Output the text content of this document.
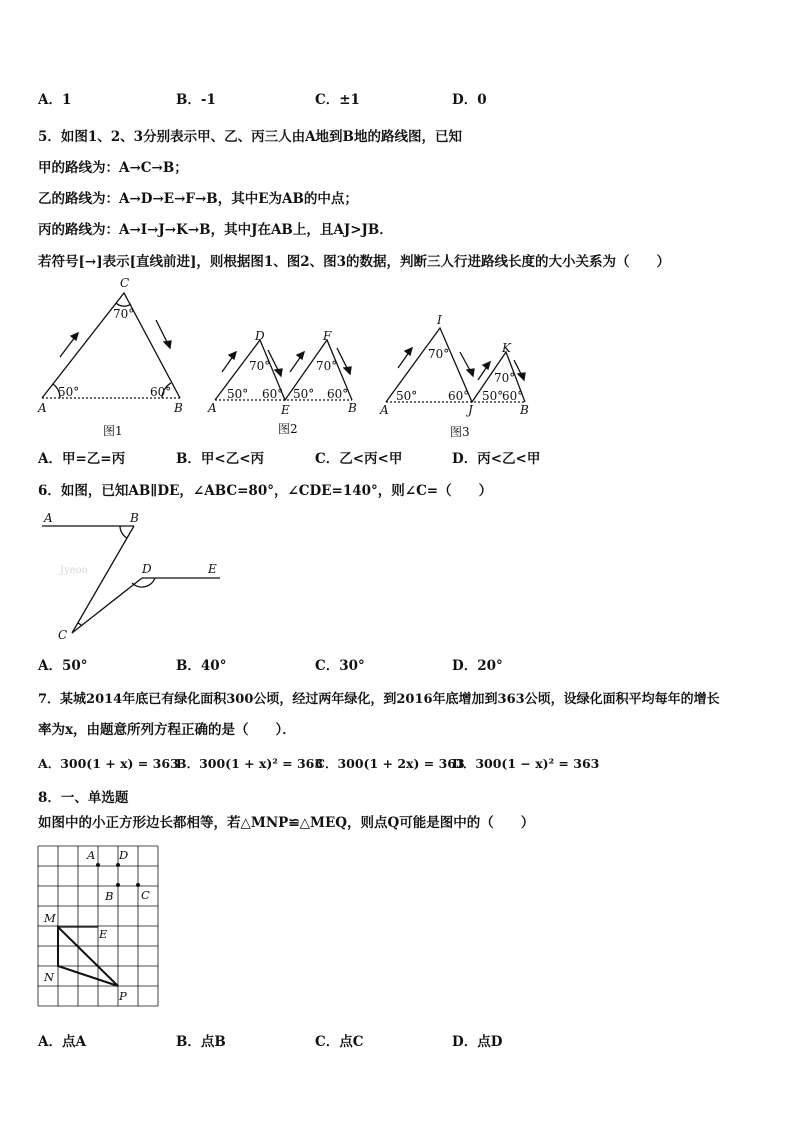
A．1	B．-1	C．±1	D．0
5．如图1、2、3分别表示甲、乙、丙三人由A地到B地的路线图，已知
甲的路线为：A→C→B；
乙的路线为：A→D→E→F→B，其中E为AB的中点；
丙的路线为：A→I→J→K→B，其中J在AB上，且AJ>JB．
若符号[→]表示[直线前进]，则根据图1、图2、图3的数据，判断三人行进路线长度的大小关系为（　　）
C
70°
50°	60°
A	B
图1
D	F
70°	70°
50° 60° 50° 60°
A	E	B
图2
I
K
70°
70°
50°	60° 50°
60°
A	J	B
图3
A．甲=乙=丙	B．甲<乙<丙	C．乙<丙<甲	D．丙<乙<甲
6．如图，已知AB∥DE，∠ABC=80°，∠CDE=140°，则∠C=（　　）
Jyeoo
A	B
D	E
C
A．50°	B．40°	C．30°	D．20°
7．某城2014年底已有绿化面积300公顷，经过两年绿化，到2016年底增加到363公顷，设绿化面积平均每年的增长
率为x，由题意所列方程正确的是（　　）．
A．300(1 + x) = 363
B．300(1 + x)² = 363
C．300(1 + 2x) = 363
D．300(1 − x)² = 363
8．一、单选题
如图中的小正方形边长都相等，若△MNP≌△MEQ，则点Q可能是图中的（　　）
A D
B C
M
E
N
P
A．点A	B．点B	C．点C	D．点D
